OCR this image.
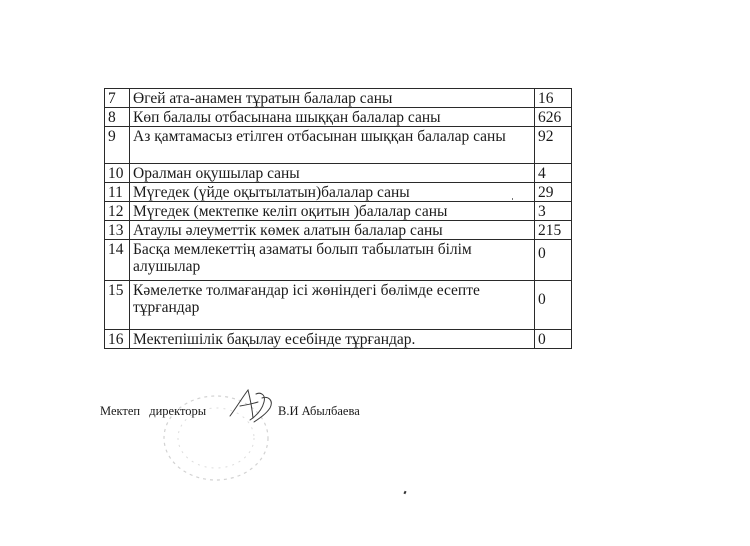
7	Өгей ата-анамен тұратын балалар саны	16
8	Көп балалы отбасынана шыққан балалар саны	626
9	Аз қамтамасыз етілген отбасынан шыққан балалар саны	92
10	Оралман оқушылар саны	4
11	Мүгедек (үйде оқытылатын)балалар саны	29
12	Мүгедек (мектепке келіп оқитын )балалар саны	3
13	Атаулы әлеуметтік көмек алатын балалар саны	215
14	Басқа мемлекеттің азаматы болып табылатын білім алушылар	0
15	Кәмелетке толмағандар ісі жөніндегі бөлімде есепте тұрғандар	0
16	Мектепішілік бақылау есебінде тұрғандар.	0
Мектеп директоры	В.И Абылбаева
